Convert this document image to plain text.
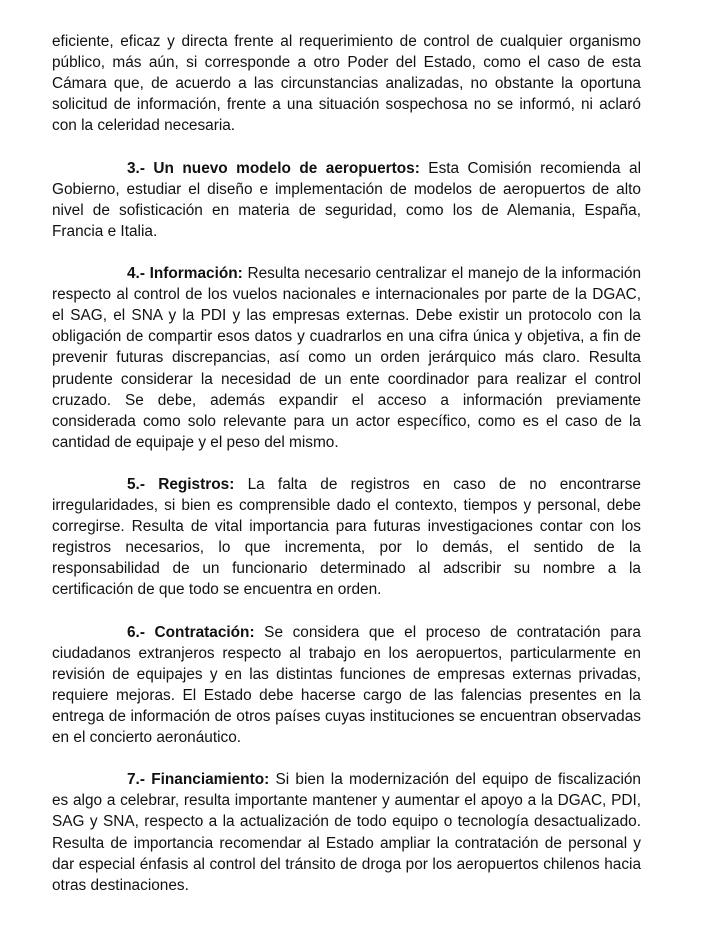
eficiente, eficaz y directa frente al requerimiento de control de cualquier organismo público, más aún, si corresponde a otro Poder del Estado, como el caso de esta Cámara que, de acuerdo a las circunstancias analizadas, no obstante la oportuna solicitud de información, frente a una situación sospechosa no se informó, ni aclaró con la celeridad necesaria.

3.- Un nuevo modelo de aeropuertos: Esta Comisión recomienda al Gobierno, estudiar el diseño e implementación de modelos de aeropuertos de alto nivel de sofisticación en materia de seguridad, como los de Alemania, España, Francia e Italia.

4.- Información: Resulta necesario centralizar el manejo de la información respecto al control de los vuelos nacionales e internacionales por parte de la DGAC, el SAG, el SNA y la PDI y las empresas externas. Debe existir un protocolo con la obligación de compartir esos datos y cuadrarlos en una cifra única y objetiva, a fin de prevenir futuras discrepancias, así como un orden jerárquico más claro. Resulta prudente considerar la necesidad de un ente coordinador para realizar el control cruzado. Se debe, además expandir el acceso a información previamente considerada como solo relevante para un actor específico, como es el caso de la cantidad de equipaje y el peso del mismo.

5.- Registros: La falta de registros en caso de no encontrarse irregularidades, si bien es comprensible dado el contexto, tiempos y personal, debe corregirse. Resulta de vital importancia para futuras investigaciones contar con los registros necesarios, lo que incrementa, por lo demás, el sentido de la responsabilidad de un funcionario determinado al adscribir su nombre a la certificación de que todo se encuentra en orden.

6.- Contratación: Se considera que el proceso de contratación para ciudadanos extranjeros respecto al trabajo en los aeropuertos, particularmente en revisión de equipajes y en las distintas funciones de empresas externas privadas, requiere mejoras. El Estado debe hacerse cargo de las falencias presentes en la entrega de información de otros países cuyas instituciones se encuentran observadas en el concierto aeronáutico.

7.- Financiamiento: Si bien la modernización del equipo de fiscalización es algo a celebrar, resulta importante mantener y aumentar el apoyo a la DGAC, PDI, SAG y SNA, respecto a la actualización de todo equipo o tecnología desactualizado. Resulta de importancia recomendar al Estado ampliar la contratación de personal y dar especial énfasis al control del tránsito de droga por los aeropuertos chilenos hacia otras destinaciones.
